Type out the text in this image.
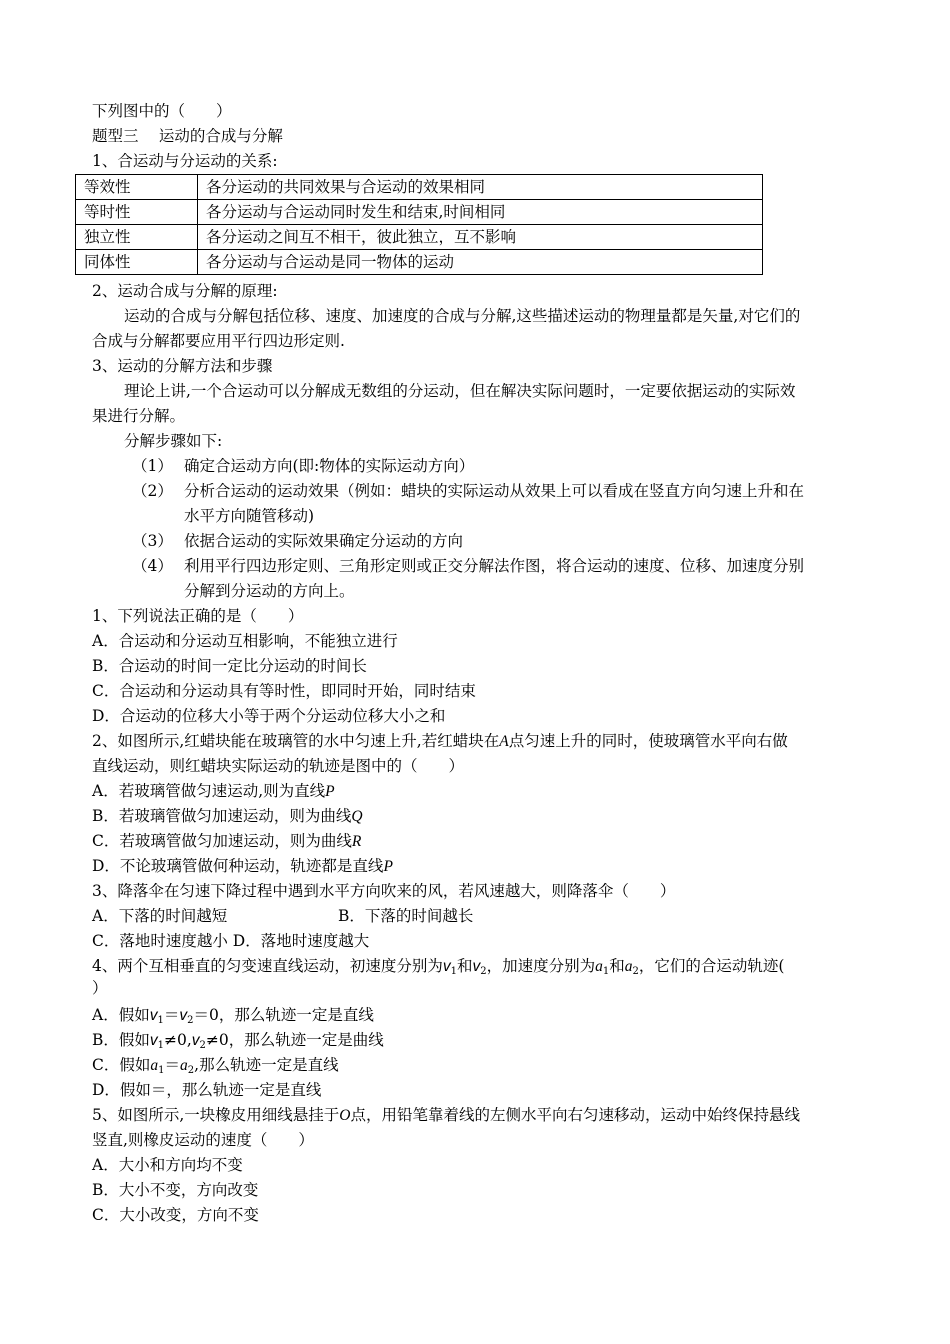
下列图中的（　　）
题型三　 运动的合成与分解
1、合运动与分运动的关系:
等效性	各分运动的共同效果与合运动的效果相同
等时性	各分运动与合运动同时发生和结束,时间相同
独立性	各分运动之间互不相干，彼此独立，互不影响
同体性	各分运动与合运动是同一物体的运动
2、运动合成与分解的原理:
运动的合成与分解包括位移、速度、加速度的合成与分解,这些描述运动的物理量都是矢量,对它们的
合成与分解都要应用平行四边形定则.
3、运动的分解方法和步骤
理论上讲,一个合运动可以分解成无数组的分运动，但在解决实际问题时，一定要依据运动的实际效
果进行分解。
分解步骤如下:
（1） 确定合运动方向(即:物体的实际运动方向）
（2） 分析合运动的运动效果（例如：蜡块的实际运动从效果上可以看成在竖直方向匀速上升和在
水平方向随管移动)
（3） 依据合运动的实际效果确定分运动的方向
（4） 利用平行四边形定则、三角形定则或正交分解法作图，将合运动的速度、位移、加速度分别
分解到分运动的方向上。
1、下列说法正确的是（　　）
A．合运动和分运动互相影响，不能独立进行
B．合运动的时间一定比分运动的时间长
C．合运动和分运动具有等时性，即同时开始，同时结束
D．合运动的位移大小等于两个分运动位移大小之和
2、如图所示,红蜡块能在玻璃管的水中匀速上升,若红蜡块在A点匀速上升的同时，使玻璃管水平向右做
直线运动，则红蜡块实际运动的轨迹是图中的（　　）
A．若玻璃管做匀速运动,则为直线P
B．若玻璃管做匀加速运动，则为曲线Q
C．若玻璃管做匀加速运动，则为曲线R
D．不论玻璃管做何种运动，轨迹都是直线P
3、降落伞在匀速下降过程中遇到水平方向吹来的风，若风速越大，则降落伞（　　）
A．下落的时间越短	B．下落的时间越长
C．落地时速度越小 D．落地时速度越大
4、两个互相垂直的匀变速直线运动，初速度分别为$v_1$和$v_2$，加速度分别为$a_1$和$a_2$，它们的合运动轨迹(
）
A．假如$v_1=v_2=0$，那么轨迹一定是直线
B．假如$v_1\ne 0,v_2\ne 0$，那么轨迹一定是曲线
C．假如$a_1=a_2$,那么轨迹一定是直线
D．假如＝，那么轨迹一定是直线
5、如图所示,一块橡皮用细线悬挂于O点，用铅笔靠着线的左侧水平向右匀速移动，运动中始终保持悬线
竖直,则橡皮运动的速度（　　）
A．大小和方向均不变
B．大小不变，方向改变
C．大小改变，方向不变
